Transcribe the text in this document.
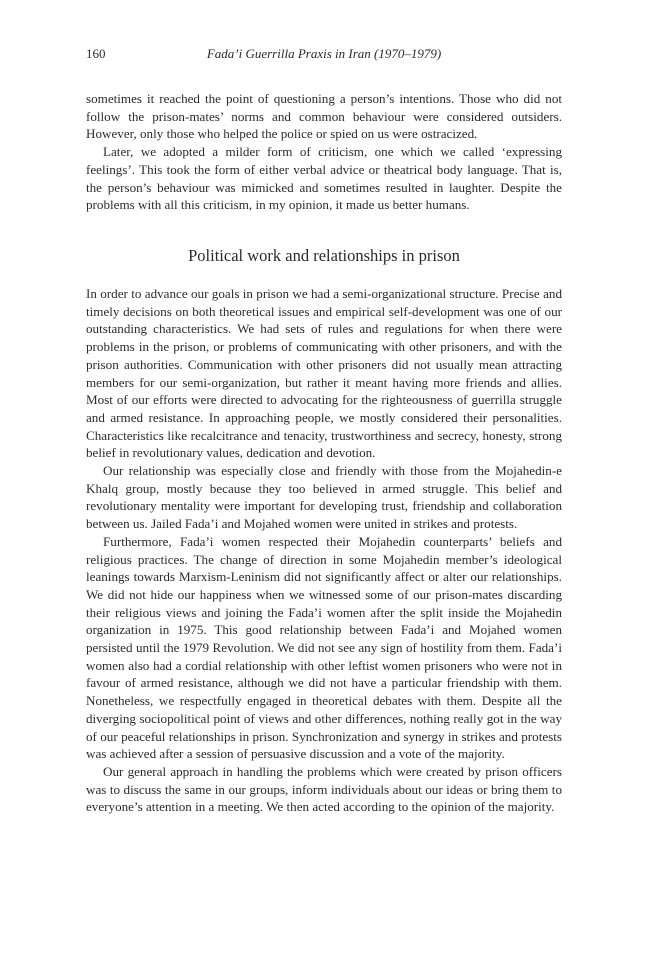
160	Fada’i Guerrilla Praxis in Iran (1970–1979)

sometimes it reached the point of questioning a person’s intentions. Those who did not follow the prison-mates’ norms and common behaviour were considered outsiders. However, only those who helped the police or spied on us were ostracized.

Later, we adopted a milder form of criticism, one which we called ‘expressing feelings’. This took the form of either verbal advice or theatrical body language. That is, the person’s behaviour was mimicked and sometimes resulted in laughter. Despite the problems with all this criticism, in my opinion, it made us better humans.

Political work and relationships in prison

In order to advance our goals in prison we had a semi-organizational structure. Precise and timely decisions on both theoretical issues and empirical self-development was one of our outstanding characteristics. We had sets of rules and regulations for when there were problems in the prison, or problems of communicating with other prisoners, and with the prison authorities. Communication with other prisoners did not usually mean attracting members for our semi-organization, but rather it meant having more friends and allies. Most of our efforts were directed to advocating for the righteousness of guerrilla struggle and armed resistance. In approaching people, we mostly considered their personalities. Characteristics like recalcitrance and tenacity, trustworthiness and secrecy, honesty, strong belief in revolutionary values, dedication and devotion.

Our relationship was especially close and friendly with those from the Mojahedin-e Khalq group, mostly because they too believed in armed struggle. This belief and revolutionary mentality were important for developing trust, friendship and collaboration between us. Jailed Fada’i and Mojahed women were united in strikes and protests.

Furthermore, Fada’i women respected their Mojahedin counterparts’ beliefs and religious practices. The change of direction in some Mojahedin member’s ideological leanings towards Marxism-Leninism did not significantly affect or alter our relationships. We did not hide our happiness when we witnessed some of our prison-mates discarding their religious views and joining the Fada’i women after the split inside the Mojahedin organization in 1975. This good relationship between Fada’i and Mojahed women persisted until the 1979 Revolution. We did not see any sign of hostility from them. Fada’i women also had a cordial relationship with other leftist women prisoners who were not in favour of armed resistance, although we did not have a particular friendship with them. Nonetheless, we respectfully engaged in theoretical debates with them. Despite all the diverging sociopolitical point of views and other differences, nothing really got in the way of our peaceful relationships in prison. Synchronization and synergy in strikes and protests was achieved after a session of persuasive discussion and a vote of the majority.

Our general approach in handling the problems which were created by prison officers was to discuss the same in our groups, inform individuals about our ideas or bring them to everyone’s attention in a meeting. We then acted according to the opinion of the majority.
